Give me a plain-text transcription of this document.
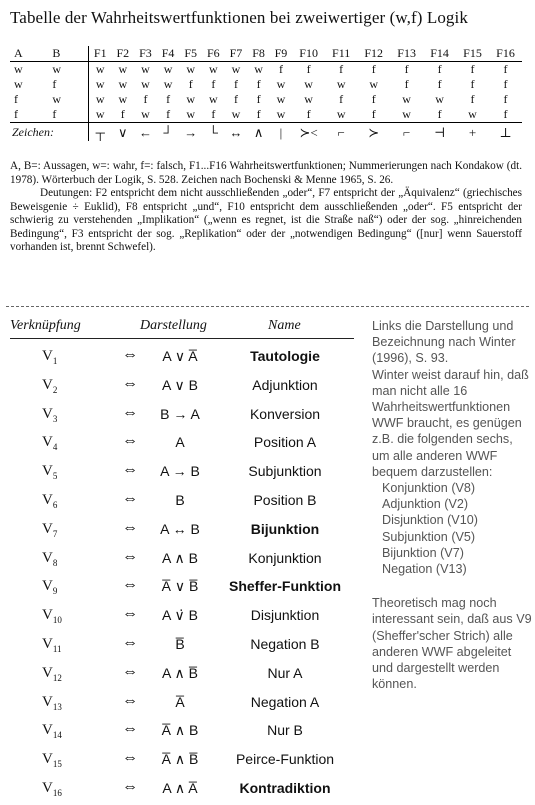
Tabelle der Wahrheitswertfunktionen bei zweiwertiger (w,f) Logik
A	B	F1	F2	F3	F4	F5	F6	F7	F8	F9	F10	F11	F12	F13	F14	F15	F16
w	w	w	w	w	w	w	w	w	w	f	f	f	f	f	f	f	f
w	f	w	w	w	w	f	f	f	f	w	w	w	w	f	f	f	f
f	w	w	w	f	f	w	w	f	f	w	w	f	f	w	w	f	f
f	f	w	f	w	f	w	f	w	f	w	f	w	f	w	f	w	f
Zeichen:		┬	∨	←	┘	→	└	↔	∧	|	≻<	⌐	≻	⌐	⊣	+	⊥

A, B=: Aussagen, w=: wahr, f=: falsch, F1...F16 Wahrheitswertfunktionen; Nummerierungen nach Kondakow (dt. 1978). Wörterbuch der Logik, S. 528. Zeichen nach Bochenski & Menne 1965, S. 26.

Deutungen: F2 entspricht dem nicht ausschließenden „oder“, F7 entspricht der „Äquivalenz“ (griechisches Beweisgenie ÷ Euklid), F8 entspricht „und“, F10 entspricht dem ausschließenden „oder“. F5 entspricht der schwierig zu verstehenden „Implikation“ („wenn es regnet, ist die Straße naß“) oder der sog. „hinreichenden Bedingung“, F3 entspricht der sog. „Replikation“ oder der „notwendigen Bedingung“ ([nur] wenn Sauerstoff vorhanden ist, brennt Schwefel).

Verknüpfung	Darstellung	Name
$V_1$	⇔	A ∨ A̅	Tautologie
$V_2$	⇔	A ∨ B	Adjunktion
$V_3$	⇔	B → A	Konversion
$V_4$	⇔	A	Position A
$V_5$	⇔	A → B	Subjunktion
$V_6$	⇔	B	Position B
$V_7$	⇔	A ↔ B	Bijunktion
$V_8$	⇔	A ∧ B	Konjunktion
$V_9$	⇔	A̅ ∨ B̅	Sheffer-Funktion
$V_{10}$	⇔	A ∨̇ B	Disjunktion
$V_{11}$	⇔	B̅	Negation B
$V_{12}$	⇔	A ∧ B̅	Nur A
$V_{13}$	⇔	A̅	Negation A
$V_{14}$	⇔	A̅ ∧ B	Nur B
$V_{15}$	⇔	A̅ ∧ B̅	Peirce-Funktion
$V_{16}$	⇔	A ∧ A̅	Kontradiktion

Links die Darstellung und Bezeichnung nach Winter (1996), S. 93.

Winter weist darauf hin, daß man nicht alle 16 Wahrheitswertfunktionen WWF braucht, es genügen z.B. die folgenden sechs, um alle anderen WWF bequem darzustellen:

Konjunktion (V8)

Adjunktion (V2)

Disjunktion (V10)

Subjunktion (V5)

Bijunktion (V7)

Negation (V13)

Theoretisch mag noch interessant sein, daß aus V9 (Sheffer'scher Strich) alle anderen WWF abgeleitet und dargestellt werden können.
